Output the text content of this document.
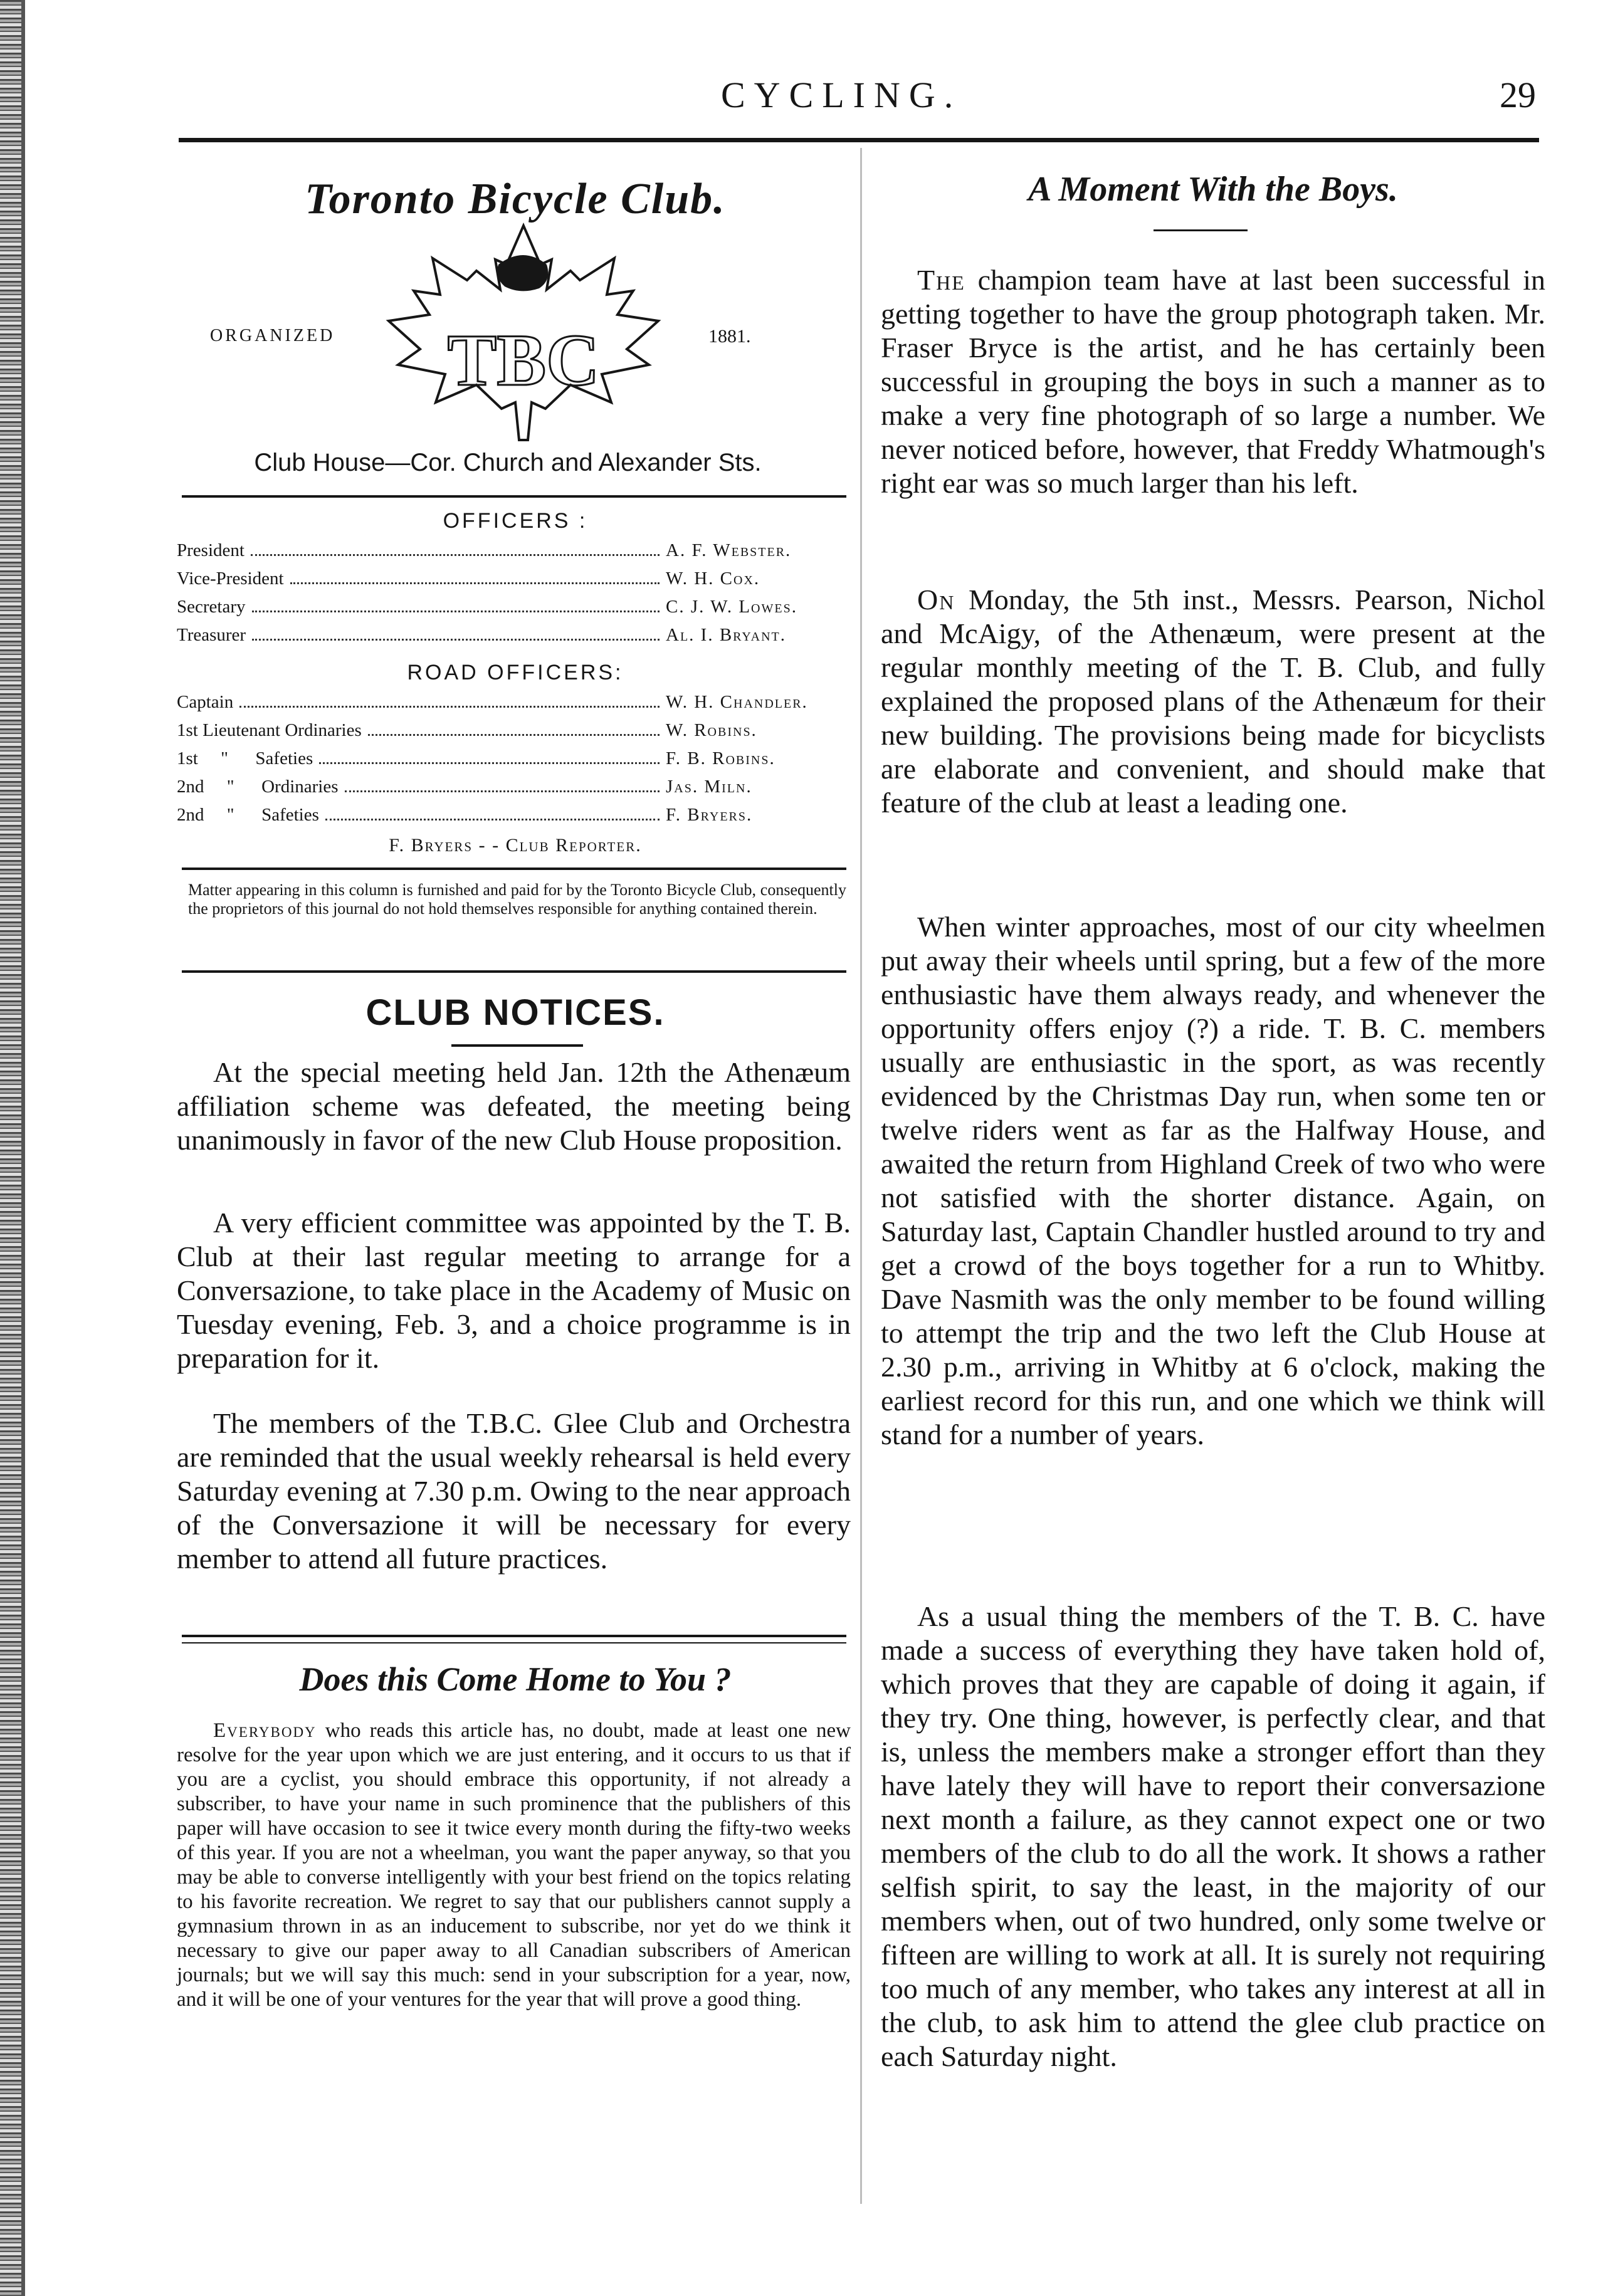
CYCLING.	29
Toronto Bicycle Club.
ORGANIZED	1881.
TBC
Club House—Cor. Church and Alexander Sts.
OFFICERS :
President	A. F. Webster.
Vice-President	W. H. Cox.
Secretary	C. J. W. Lowes.
Treasurer	Al. I. Bryant.
ROAD OFFICERS:
Captain	W. H. Chandler.
1st Lieutenant Ordinaries	W. Robins.
1st     "      Safeties	F. B. Robins.
2nd     "      Ordinaries	Jas. Miln.
2nd     "      Safeties	F. Bryers.
F. Bryers - - Club Reporter.
Matter appearing in this column is furnished and paid for by the Toronto Bicycle Club, consequently the proprietors of this journal do not hold themselves responsible for anything contained therein.
CLUB NOTICES.

At the special meeting held Jan. 12th the Athenæum affiliation scheme was defeated, the meeting being unanimously in favor of the new Club House proposition.

A very efficient committee was appointed by the T. B. Club at their last regular meeting to arrange for a Conversazione, to take place in the Academy of Music on Tuesday evening, Feb. 3, and a choice programme is in preparation for it.

The members of the T.B.C. Glee Club and Orchestra are reminded that the usual weekly rehearsal is held every Saturday evening at 7.30 p.m. Owing to the near approach of the Conversazione it will be necessary for every member to attend all future practices.

Does this Come Home to You ?

Everybody who reads this article has, no doubt, made at least one new resolve for the year upon which we are just entering, and it occurs to us that if you are a cyclist, you should embrace this opportunity, if not already a subscriber, to have your name in such prominence that the publishers of this paper will have occasion to see it twice every month during the fifty-two weeks of this year. If you are not a wheelman, you want the paper anyway, so that you may be able to converse intelligently with your best friend on the topics relating to his favorite recreation. We regret to say that our publishers cannot supply a gymnasium thrown in as an inducement to subscribe, nor yet do we think it necessary to give our paper away to all Canadian subscribers of American journals; but we will say this much: send in your subscription for a year, now, and it will be one of your ventures for the year that will prove a good thing.

A Moment With the Boys.

The champion team have at last been successful in getting together to have the group photograph taken. Mr. Fraser Bryce is the artist, and he has certainly been successful in grouping the boys in such a manner as to make a very fine photograph of so large a number. We never noticed before, however, that Freddy Whatmough's right ear was so much larger than his left.

On Monday, the 5th inst., Messrs. Pearson, Nichol and McAigy, of the Athenæum, were present at the regular monthly meeting of the T. B. Club, and fully explained the proposed plans of the Athenæum for their new building. The provisions being made for bicyclists are elaborate and convenient, and should make that feature of the club at least a leading one.

When winter approaches, most of our city wheelmen put away their wheels until spring, but a few of the more enthusiastic have them always ready, and whenever the opportunity offers enjoy (?) a ride. T. B. C. members usually are enthusiastic in the sport, as was recently evidenced by the Christmas Day run, when some ten or twelve riders went as far as the Halfway House, and awaited the return from Highland Creek of two who were not satisfied with the shorter distance. Again, on Saturday last, Captain Chandler hustled around to try and get a crowd of the boys together for a run to Whitby. Dave Nasmith was the only member to be found willing to attempt the trip and the two left the Club House at 2.30 p.m., arriving in Whitby at 6 o'clock, making the earliest record for this run, and one which we think will stand for a number of years.

As a usual thing the members of the T. B. C. have made a success of everything they have taken hold of, which proves that they are capable of doing it again, if they try. One thing, however, is perfectly clear, and that is, unless the members make a stronger effort than they have lately they will have to report their conversazione next month a failure, as they cannot expect one or two members of the club to do all the work. It shows a rather selfish spirit, to say the least, in the majority of our members when, out of two hundred, only some twelve or fifteen are willing to work at all. It is surely not requiring too much of any member, who takes any interest at all in the club, to ask him to attend the glee club practice on each Saturday night.
